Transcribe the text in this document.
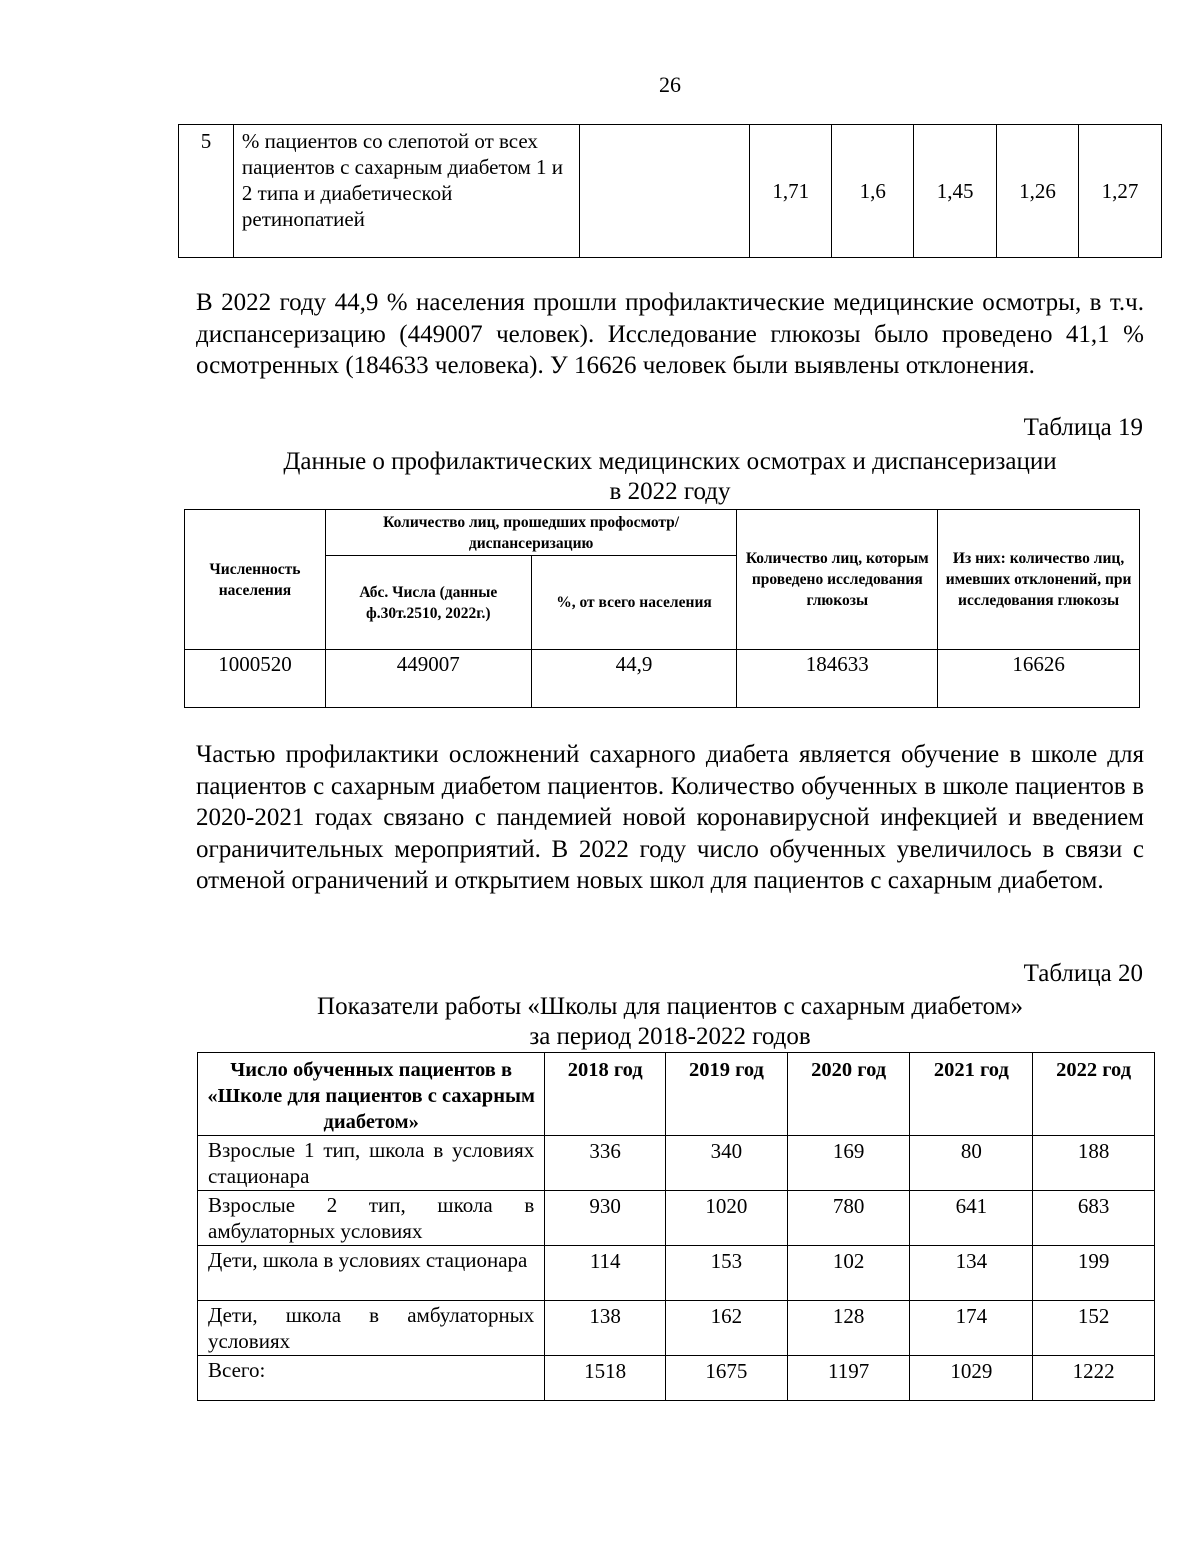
26
5	% пациентов со слепотой от всех пациентов с сахарным диабетом 1 и 2 типа и диабетической ретинопатией		1,71	1,6	1,45	1,26	1,27
В 2022 году 44,9 % населения прошли профилактические медицинские осмотры, в т.ч. диспансеризацию (449007 человек). Исследование глюкозы было проведено 41,1 % осмотренных (184633 человека). У 16626 человек были выявлены отклонения.
Таблица 19
Данные о профилактических медицинских осмотрах и диспансеризации
в 2022 году
Численность населения	Количество лиц, прошедших профосмотр/диспансеризацию		Количество лиц, которым проведено исследования глюкозы	Из них: количество лиц, имевших отклонений, при исследования глюкозы
	Абс. Числа (данные ф.30т.2510, 2022г.)	%, от всего населения		
1000520	449007	44,9	184633	16626
Частью профилактики осложнений сахарного диабета является обучение в школе для пациентов с сахарным диабетом пациентов. Количество обученных в школе пациентов в 2020-2021 годах связано с пандемией новой коронавирусной инфекцией и введением ограничительных мероприятий. В 2022 году число обученных увеличилось в связи с отменой ограничений и открытием новых школ для пациентов с сахарным диабетом.
Таблица 20
Показатели работы «Школы для пациентов с сахарным диабетом»
за период 2018-2022 годов
Число обученных пациентов в «Школе для пациентов с сахарным диабетом»	2018 год	2019 год	2020 год	2021 год	2022 год
Взрослые 1 тип, школа в условиях стационара	336	340	169	80	188
Взрослые 2 тип, школа в амбулаторных условиях	930	1020	780	641	683
Дети, школа в условиях стационара	114	153	102	134	199
Дети, школа в амбулаторных условиях	138	162	128	174	152
Всего:	1518	1675	1197	1029	1222
